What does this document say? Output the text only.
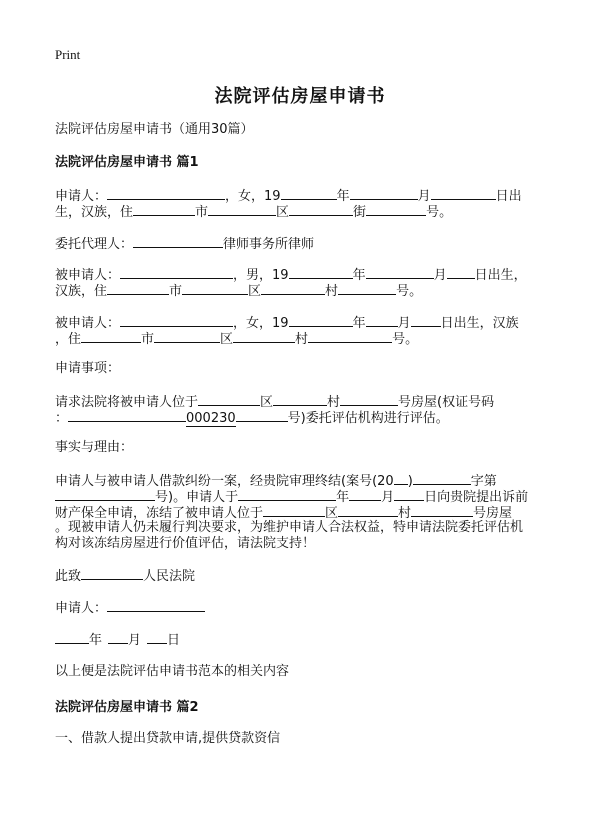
Print
法院评估房屋申请书
法院评估房屋申请书（通用30篇）
法院评估房屋申请书 篇1
申请人：	，女，19	年	月	日出
生，汉族，住	市	区	街	号。
委托代理人：	律师事务所律师
被申请人：	，男，19	年	月 日出生，
汉族，住	市	区	村	号。
被申请人：	，女，19	年 月 日出生，汉族
，住	市	区	村	号。
申请事项：
请求法院将被申请人位于	区	村	号房屋(权证号码
：	000230	号)委托评估机构进行评估。
事实与理由：
申请人与被申请人借款纠纷一案，经贵院审理终结(案号(20 )	字第
号)。申请人于	年 月 日向贵院提出诉前
财产保全申请，冻结了被申请人位于	区	村	号房屋
。现被申请人仍未履行判决要求，为维护申请人合法权益，特申请法院委托评估机
构对该冻结房屋进行价值评估，请法院支持！
此致	人民法院
申请人：
年 月 日
以上便是法院评估申请书范本的相关内容
法院评估房屋申请书 篇2
一、借款人提出贷款申请,提供贷款资信
